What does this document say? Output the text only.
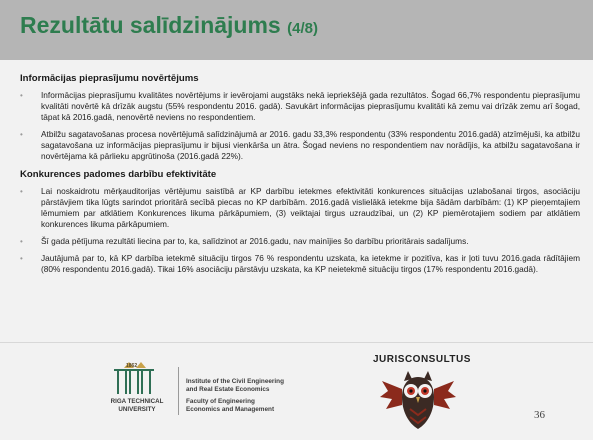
Rezultātu salīdzinājums (4/8)
Informācijas pieprasījumu novērtējums
• Informācijas pieprasījumu kvalitātes novērtējums ir ievērojami augstāks nekā iepriekšējā gada rezultātos. Šogad 66,7% respondentu pieprasījumu kvalitāti novērtē kā drīzāk augstu (55% respondentu 2016. gadā). Savukārt informācijas pieprasījumu kvalitāti kā zemu vai drīzāk zemu arī šogad, tāpat kā 2016.gadā, nenovērtē neviens no respondentiem.
• Atbilžu sagatavošanas procesa novērtējumā salīdzinājumā ar 2016. gadu 33,3% respondentu (33% respondentu 2016.gadā) atzīmējuši, ka atbilžu sagatavošana uz informācijas pieprasījumu ir bijusi vienkārša un ātra. Šogad neviens no respondentiem nav norādījis, ka atbilžu sagatavošana ir novērtējama kā pārlieku apgrūtinoša (2016.gadā 22%).
Konkurences padomes darbību efektivitāte
• Lai noskaidrotu mērķauditorijas vērtējumu saistībā ar KP darbību ietekmes efektivitāti konkurences situācijas uzlabošanai tirgos, asociāciju pārstāvjiem tika lūgts sarindot prioritārā secībā piecas no KP darbībām. 2016.gadā vislielākā ietekme bija šādām darbībām: (1) KP pieņemtajiem lēmumiem par atklātiem Konkurences likuma pārkāpumiem, (3) veiktajai tirgus uzraudzībai, un (2) KP piemērotajiem sodiem par atklātiem konkurences likuma pārkāpumiem.
• Šī gada pētījuma rezultāti liecina par to, ka, salīdzinot ar 2016.gadu, nav mainījies šo darbību prioritārais sadalījums.
• Jautājumā par to, kā KP darbība ietekmē situāciju tirgos 76 % respondentu uzskata, ka ietekme ir pozitīva, kas ir ļoti tuvu 2016.gada rādītājiem (80% respondentu 2016.gadā). Tikai 16% asociāciju pārstāvju uzskata, ka KP neietekmē situāciju tirgos (17% respondentu 2016.gadā).
1862
RIGA TECHNICAL
UNIVERSITY
Institute of the Civil Engineering
and Real Estate Economics
Faculty of Engineering
Economics and Management
JURISCONSULTUS
36
